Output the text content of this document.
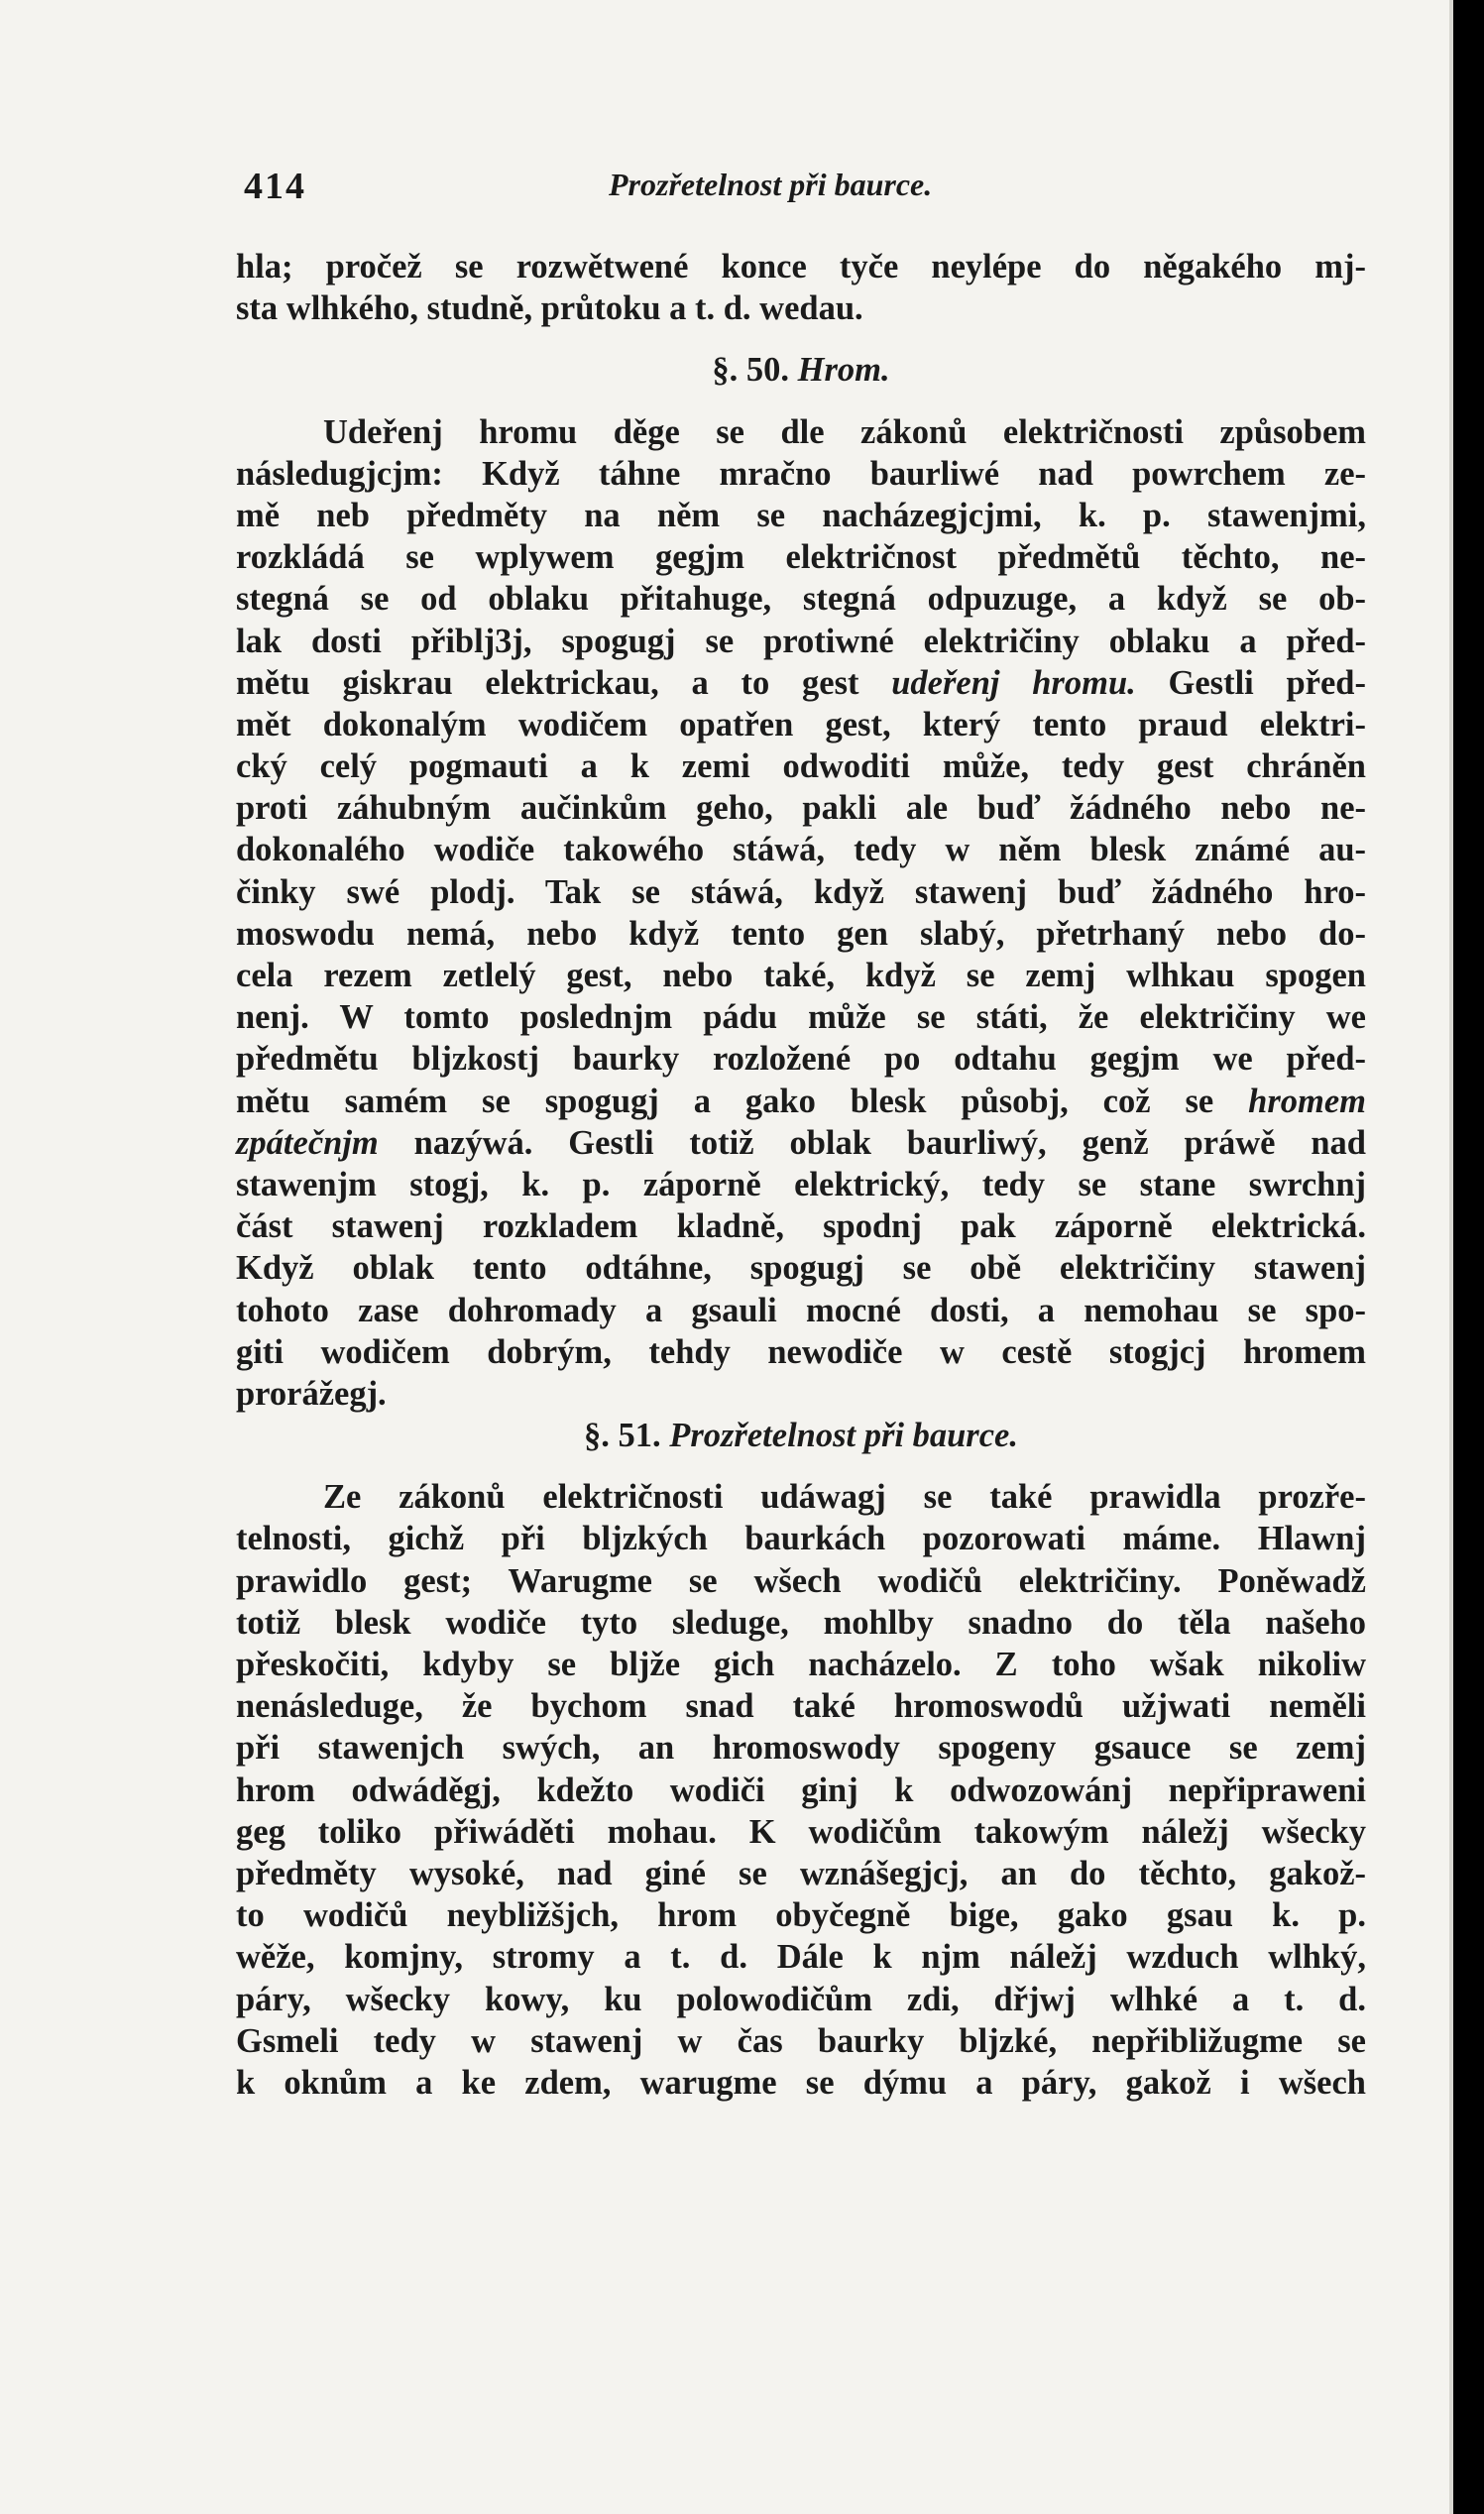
414	Prozřetelnost při baurce.
hla; pročež se rozwětwené konce tyče neylépe do něgakého mj-
sta wlhkého, studně, průtoku a t. d. wedau.
§. 50. Hrom.
Udeřenj hromu děge se dle zákonů električnosti způsobem
následugjcjm: Když táhne mračno baurliwé nad powrchem ze-
mě neb předměty na něm se nacházegjcjmi, k. p. stawenjmi,
rozkládá se wplywem gegjm električnost předmětů těchto, ne-
stegná se od oblaku přitahuge, stegná odpuzuge, a když se ob-
lak dosti přiblj3j, spogugj se protiwné električiny oblaku a před-
mětu giskrau elektrickau, a to gest udeřenj hromu. Gestli před-
mět dokonalým wodičem opatřen gest, který tento praud elektri-
cký celý pogmauti a k zemi odwoditi může, tedy gest chráněn
proti záhubným aučinkům geho, pakli ale buď žádného nebo ne-
dokonalého wodiče takowého stáwá, tedy w něm blesk známé au-
činky swé plodj. Tak se stáwá, když stawenj buď žádného hro-
moswodu nemá, nebo když tento gen slabý, přetrhaný nebo do-
cela rezem zetlelý gest, nebo také, když se zemj wlhkau spogen
nenj. W tomto poslednjm pádu může se státi, že električiny we
předmětu bljzkostj baurky rozložené po odtahu gegjm we před-
mětu samém se spogugj a gako blesk působj, což se hromem
zpátečnjm nazýwá. Gestli totiž oblak baurliwý, genž práwě nad
stawenjm stogj, k. p. záporně elektrický, tedy se stane swrchnj
část stawenj rozkladem kladně, spodnj pak záporně elektrická.
Když oblak tento odtáhne, spogugj se obě električiny stawenj
tohoto zase dohromady a gsauli mocné dosti, a nemohau se spo-
giti wodičem dobrým, tehdy newodiče w cestě stogjcj hromem
prorážegj.
§. 51. Prozřetelnost při baurce.
Ze zákonů električnosti udáwagj se také prawidla prozře-
telnosti, gichž při bljzkých baurkách pozorowati máme. Hlawnj
prawidlo gest; Warugme se wšech wodičů električiny. Poněwadž
totiž blesk wodiče tyto sleduge, mohlby snadno do těla našeho
přeskočiti, kdyby se bljže gich nacházelo. Z toho wšak nikoliw
nenásleduge, že bychom snad také hromoswodů užjwati neměli
při stawenjch swých, an hromoswody spogeny gsauce se zemj
hrom odwáděgj, kdežto wodiči ginj k odwozowánj nepřipraweni
geg toliko přiwáděti mohau. K wodičům takowým náležj wšecky
předměty wysoké, nad giné se wznášegjcj, an do těchto, gakož-
to wodičů neybližšjch, hrom obyčegně bige, gako gsau k. p.
wěže, komjny, stromy a t. d. Dále k njm náležj wzduch wlhký,
páry, wšecky kowy, ku polowodičům zdi, dřjwj wlhké a t. d.
Gsmeli tedy w stawenj w čas baurky bljzké, nepřibližugme se
k oknům a ke zdem, warugme se dýmu a páry, gakož i wšech
